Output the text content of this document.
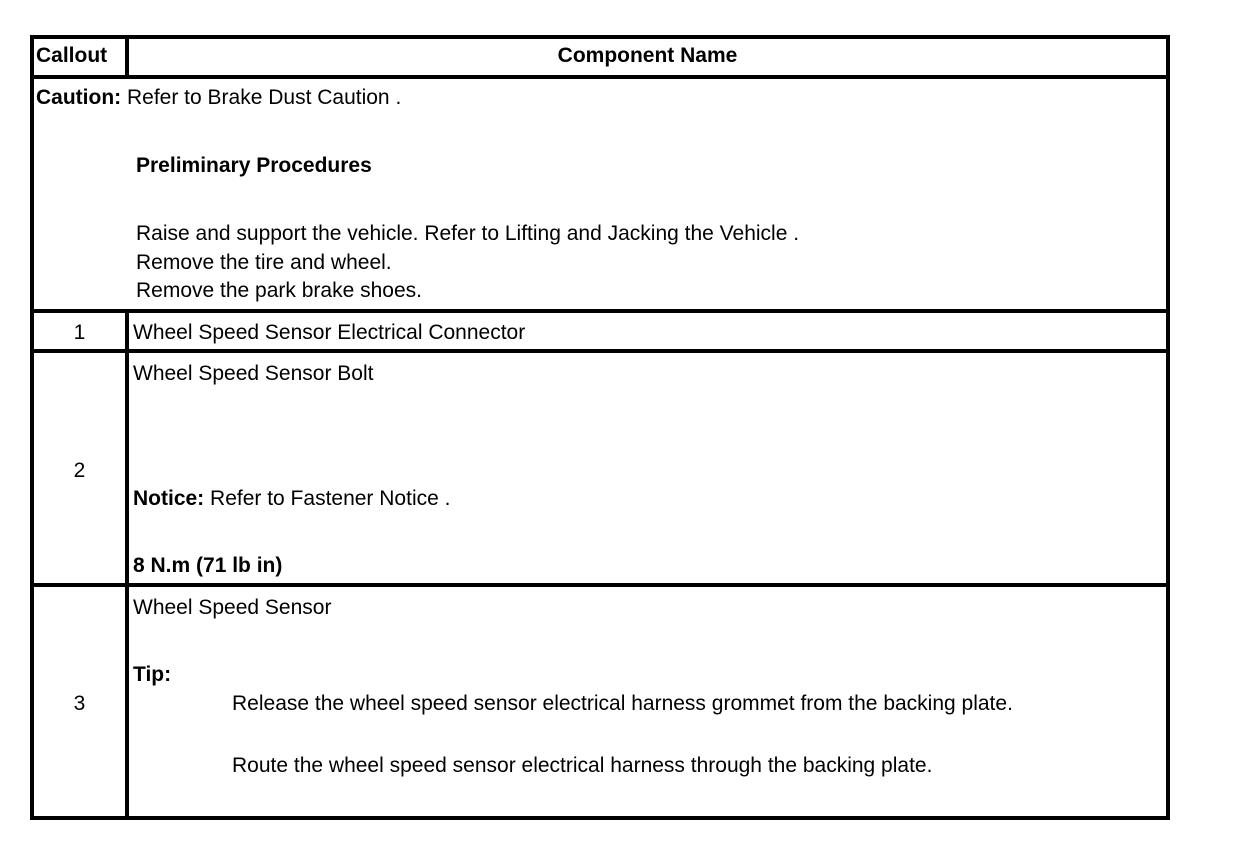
Callout	Component Name
Caution: Refer to Brake Dust Caution .
Preliminary Procedures
Raise and support the vehicle. Refer to Lifting and Jacking the Vehicle .
Remove the tire and wheel.
Remove the park brake shoes.
1	Wheel Speed Sensor Electrical Connector
2
Wheel Speed Sensor Bolt
Notice: Refer to Fastener Notice .
8 N.m (71 lb in)
3
Wheel Speed Sensor
Tip:
Release the wheel speed sensor electrical harness grommet from the backing plate.
Route the wheel speed sensor electrical harness through the backing plate.
